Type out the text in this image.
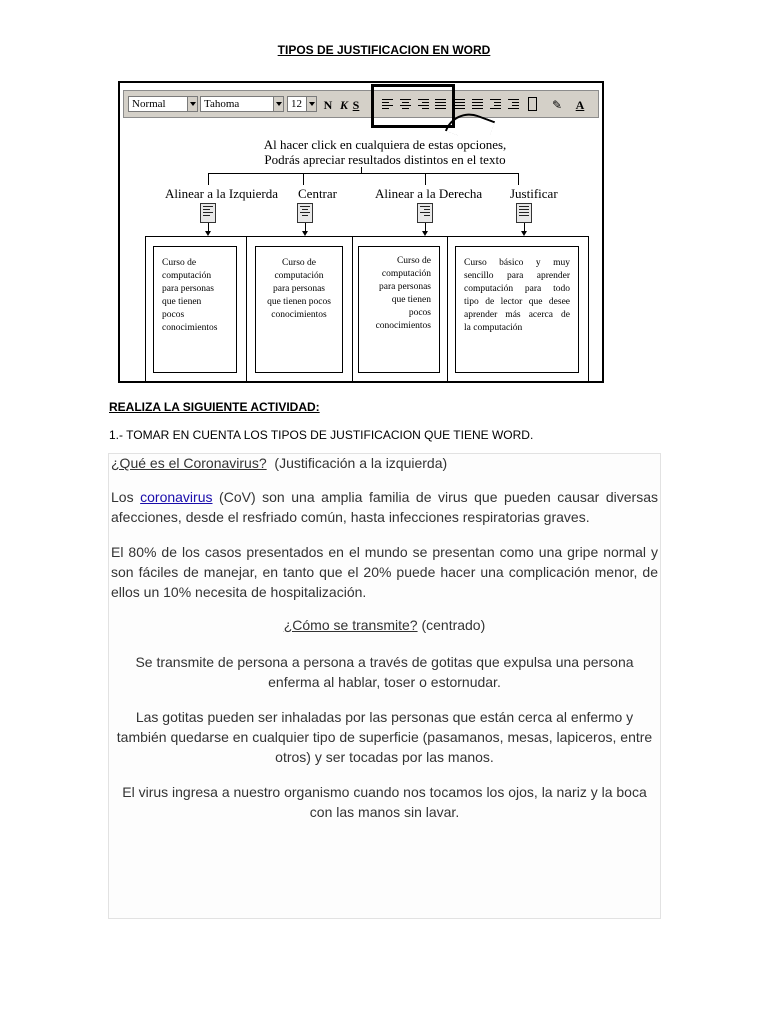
TIPOS DE JUSTIFICACION EN WORD
Normal	Tahoma	12	N K S	✎ A
Al hacer click en cualquiera de estas opciones,
Podrás apreciar resultados distintos en el texto
Alinear a la Izquierda Centrar	Alinear a la Derecha Justificar
Curso de
computación
para personas
que tienen
pocos
conocimientos
Curso de
computación
para personas
que tienen pocos
conocimientos
Curso de
computación
para personas
que tienen
pocos
conocimientos
Curso básico y muy
sencillo para aprender
computación para todo
tipo de lector que desee
aprender más acerca de
la computación
REALIZA LA SIGUIENTE ACTIVIDAD:
1.- TOMAR EN CUENTA LOS TIPOS DE JUSTIFICACION QUE TIENE WORD.

¿Qué es el Coronavirus? (Justificación a la izquierda)

Los coronavirus (CoV) son una amplia familia de virus que pueden causar diversas afecciones, desde el resfriado común, hasta infecciones respiratorias graves.

El 80% de los casos presentados en el mundo se presentan como una gripe normal y son fáciles de manejar, en tanto que el 20% puede hacer una complicación menor, de ellos un 10% necesita de hospitalización.

¿Cómo se transmite? (centrado)

Se transmite de persona a persona a través de gotitas que expulsa una persona enferma al hablar, toser o estornudar.

Las gotitas pueden ser inhaladas por las personas que están cerca al enfermo y también quedarse en cualquier tipo de superficie (pasamanos, mesas, lapiceros, entre otros) y ser tocadas por las manos.

El virus ingresa a nuestro organismo cuando nos tocamos los ojos, la nariz y la boca con las manos sin lavar.
